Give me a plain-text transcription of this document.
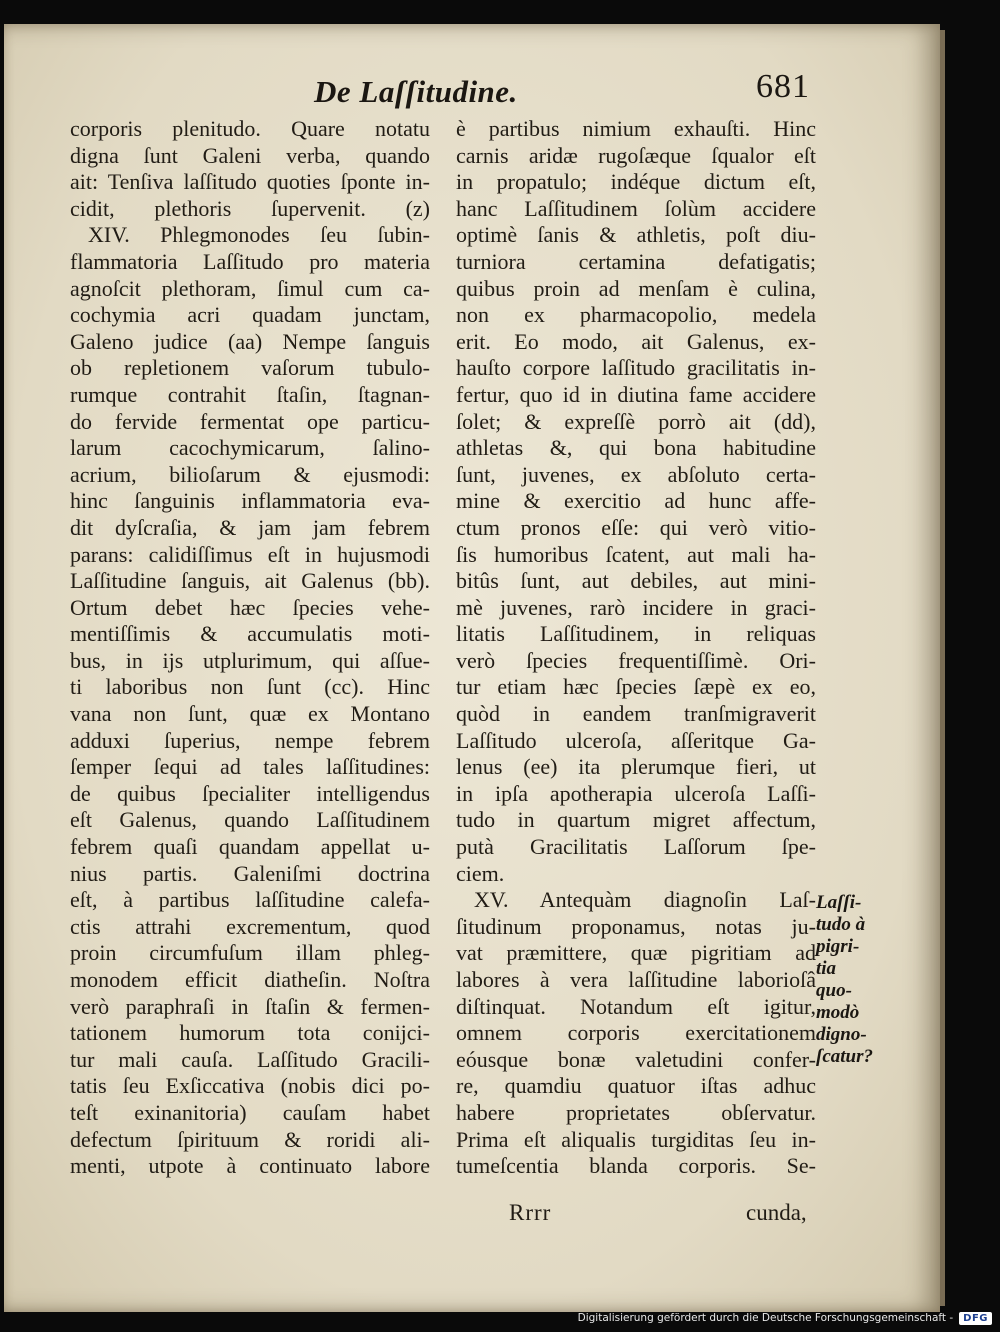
De Laſſitudine.	681
corporis plenitudo. Quare notatu
digna ſunt Galeni verba, quando
ait: Tenſiva laſſitudo quoties ſponte in-
cidit, plethoris ſupervenit. (z)
XIV. Phlegmonodes ſeu ſubin-
flammatoria Laſſitudo pro materia
agnoſcit plethoram, ſimul cum ca-
cochymia acri quadam junctam,
Galeno judice (aa) Nempe ſanguis
ob repletionem vaſorum tubulo-
rumque contrahit ſtaſin, ſtagnan-
do fervide fermentat ope particu-
larum cacochymicarum, ſalino-
acrium, bilioſarum & ejusmodi:
hinc ſanguinis inflammatoria eva-
dit dyſcraſia, & jam jam febrem
parans: calidiſſimus eſt in hujusmodi
Laſſitudine ſanguis, ait Galenus (bb).
Ortum debet hæc ſpecies vehe-
mentiſſimis & accumulatis moti-
bus, in ijs utplurimum, qui aſſue-
ti laboribus non ſunt (cc). Hinc
vana non ſunt, quæ ex Montano
adduxi ſuperius, nempe febrem
ſemper ſequi ad tales laſſitudines:
de quibus ſpecialiter intelligendus
eſt Galenus, quando Laſſitudinem
febrem quaſi quandam appellat u-
nius partis. Galeniſmi doctrina
eſt, à partibus laſſitudine calefa-
ctis attrahi excrementum, quod
proin circumfuſum illam phleg-
monodem efficit diatheſin. Noſtra
verò paraphraſi in ſtaſin & fermen-
tationem humorum tota conijci-
tur mali cauſa. Laſſitudo Gracili-
tatis ſeu Exſiccativa (nobis dici po-
teſt exinanitoria) cauſam habet
defectum ſpirituum & roridi ali-
menti, utpote à continuato labore
è partibus nimium exhauſti. Hinc
carnis aridæ rugoſæque ſqualor eſt
in propatulo; indéque dictum eſt,
hanc Laſſitudinem ſolùm accidere
optimè ſanis & athletis, poſt diu-
turniora certamina defatigatis;
quibus proin ad menſam è culina,
non ex pharmacopolio, medela
erit. Eo modo, ait Galenus, ex-
hauſto corpore laſſitudo gracilitatis in-
fertur, quo id in diutina fame accidere
ſolet; & expreſſè porrò ait (dd),
athletas &, qui bona habitudine
ſunt, juvenes, ex abſoluto certa-
mine & exercitio ad hunc affe-
ctum pronos eſſe: qui verò vitio-
ſis humoribus ſcatent, aut mali ha-
bitûs ſunt, aut debiles, aut mini-
mè juvenes, rarò incidere in graci-
litatis Laſſitudinem, in reliquas
verò ſpecies frequentiſſimè. Ori-
tur etiam hæc ſpecies ſæpè ex eo,
quòd in eandem tranſmigraverit
Laſſitudo ulceroſa, aſſeritque Ga-
lenus (ee) ita plerumque fieri, ut
in ipſa apotherapia ulceroſa Laſſi-
tudo in quartum migret affectum,
putà Gracilitatis Laſſorum ſpe-
ciem.
XV. Antequàm diagnoſin Laſ-
ſitudinum proponamus, notas ju-
vat præmittere, quæ pigritiam ad
labores à vera laſſitudine laborioſâ
diſtinquat. Notandum eſt igitur,
omnem corporis exercitationem
eóusque bonæ valetudini confer-
re, quamdiu quatuor iſtas adhuc
habere proprietates obſervatur.
Prima eſt aliqualis turgiditas ſeu in-
tumeſcentia blanda corporis. Se-
Laſſi-
tudo à
pigri-
tia
quo-
modò
digno-
ſcatur?
Rrrr	cunda,
Digitalisierung gefördert durch die Deutsche Forschungsgemeinschaft -	DFG
